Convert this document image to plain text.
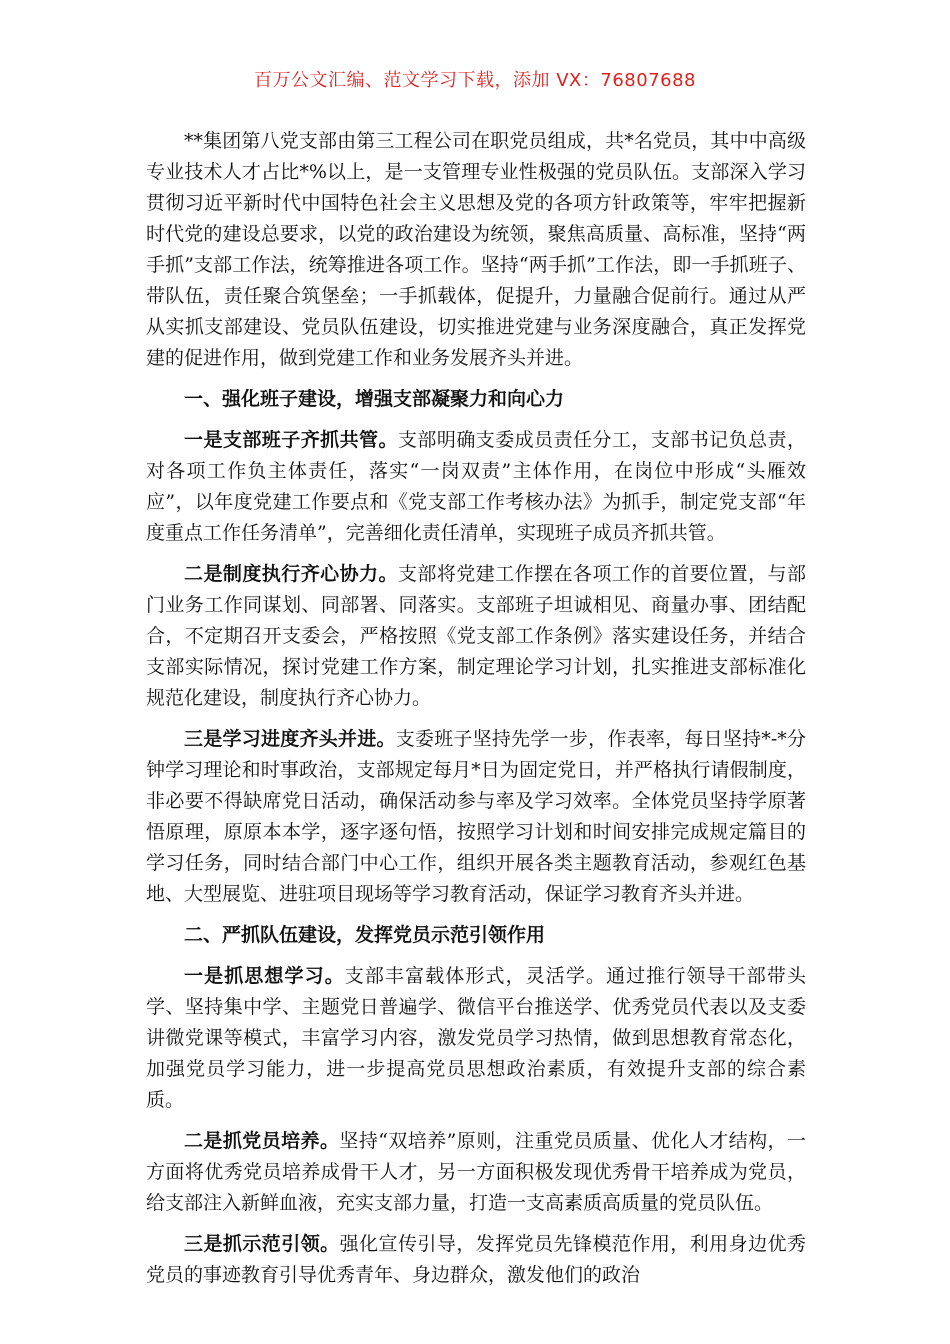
百万公文汇编、范文学习下载，添加 VX：76807688

**集团第八党支部由第三工程公司在职党员组成，共*名党员，其中中高级专业技术人才占比*%以上，是一支管理专业性极强的党员队伍。支部深入学习贯彻习近平新时代中国特色社会主义思想及党的各项方针政策等，牢牢把握新时代党的建设总要求，以党的政治建设为统领，聚焦高质量、高标准，坚持“两手抓”支部工作法，统筹推进各项工作。坚持“两手抓”工作法，即一手抓班子、带队伍，责任聚合筑堡垒；一手抓载体，促提升，力量融合促前行。通过从严从实抓支部建设、党员队伍建设，切实推进党建与业务深度融合，真正发挥党建的促进作用，做到党建工作和业务发展齐头并进。

一、强化班子建设，增强支部凝聚力和向心力

一是支部班子齐抓共管。支部明确支委成员责任分工，支部书记负总责，对各项工作负主体责任，落实“一岗双责”主体作用，在岗位中形成“头雁效应”，以年度党建工作要点和《党支部工作考核办法》为抓手，制定党支部“年度重点工作任务清单”，完善细化责任清单，实现班子成员齐抓共管。

二是制度执行齐心协力。支部将党建工作摆在各项工作的首要位置，与部门业务工作同谋划、同部署、同落实。支部班子坦诚相见、商量办事、团结配合，不定期召开支委会，严格按照《党支部工作条例》落实建设任务，并结合支部实际情况，探讨党建工作方案，制定理论学习计划，扎实推进支部标准化规范化建设，制度执行齐心协力。

三是学习进度齐头并进。支委班子坚持先学一步，作表率，每日坚持*-*分钟学习理论和时事政治，支部规定每月*日为固定党日，并严格执行请假制度，非必要不得缺席党日活动，确保活动参与率及学习效率。全体党员坚持学原著悟原理，原原本本学，逐字逐句悟，按照学习计划和时间安排完成规定篇目的学习任务，同时结合部门中心工作，组织开展各类主题教育活动，参观红色基地、大型展览、进驻项目现场等学习教育活动，保证学习教育齐头并进。

二、严抓队伍建设，发挥党员示范引领作用

一是抓思想学习。支部丰富载体形式，灵活学。通过推行领导干部带头学、坚持集中学、主题党日普遍学、微信平台推送学、优秀党员代表以及支委讲微党课等模式，丰富学习内容，激发党员学习热情，做到思想教育常态化，加强党员学习能力，进一步提高党员思想政治素质，有效提升支部的综合素质。

二是抓党员培养。坚持“双培养”原则，注重党员质量、优化人才结构，一方面将优秀党员培养成骨干人才，另一方面积极发现优秀骨干培养成为党员，给支部注入新鲜血液，充实支部力量，打造一支高素质高质量的党员队伍。

三是抓示范引领。强化宣传引导，发挥党员先锋模范作用，利用身边优秀党员的事迹教育引导优秀青年、身边群众，激发他们的政治
